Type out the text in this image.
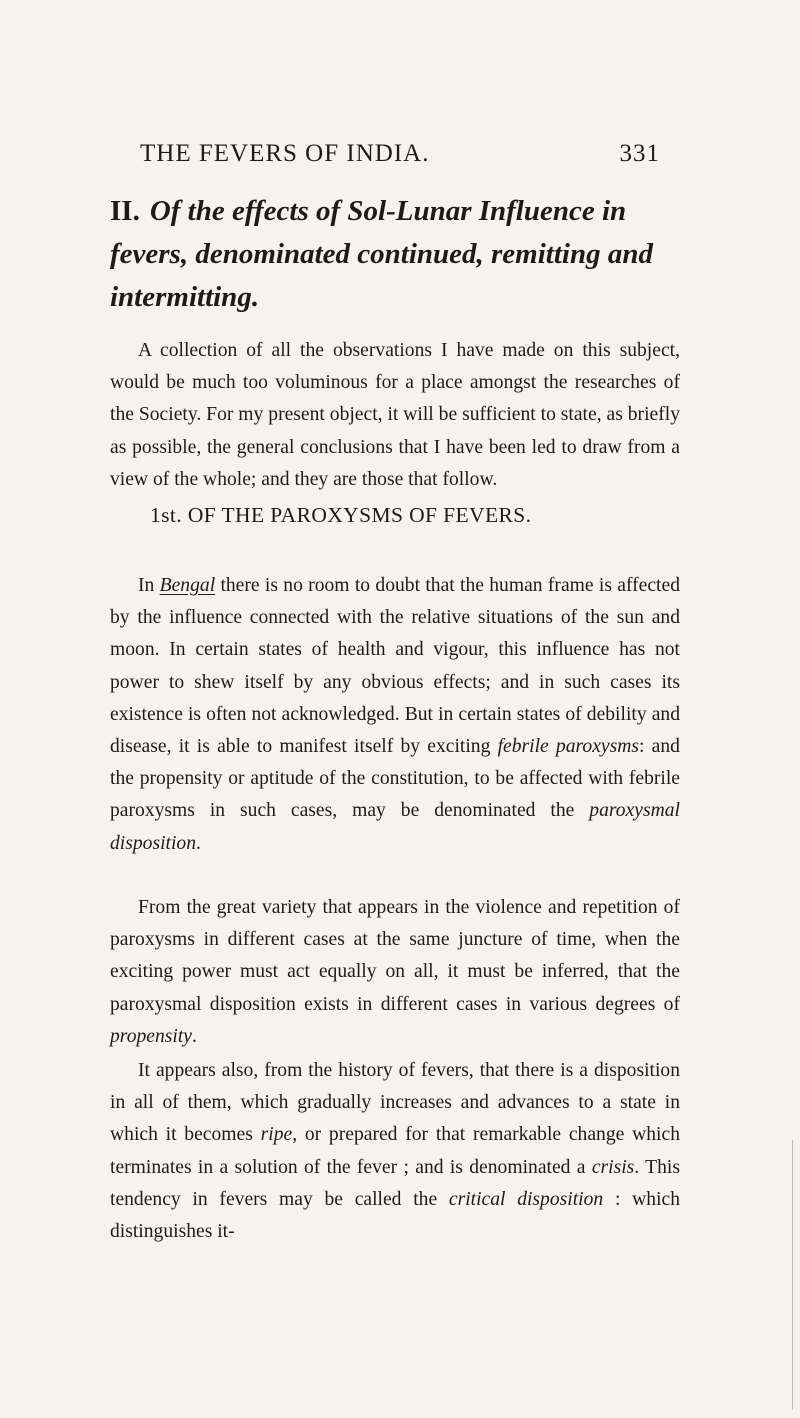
THE FEVERS OF INDIA.	331
II. Of the effects of Sol-Lunar Influence in fevers, denominated continued, remitting and intermitting.

A collection of all the observations I have made on this subject, would be much too voluminous for a place amongst the researches of the Society. For my present object, it will be sufficient to state, as briefly as possible, the general conclusions that I have been led to draw from a view of the whole; and they are those that follow.

1st. OF THE PAROXYSMS OF FEVERS.

In Bengal there is no room to doubt that the human frame is affected by the influence connected with the relative situations of the sun and moon. In certain states of health and vigour, this influence has not power to shew itself by any obvious effects; and in such cases its existence is often not acknowledged. But in certain states of debility and disease, it is able to manifest itself by exciting febrile paroxysms: and the propensity or aptitude of the constitution, to be affected with febrile paroxysms in such cases, may be denominated the paroxysmal disposition.

From the great variety that appears in the violence and repetition of paroxysms in different cases at the same juncture of time, when the exciting power must act equally on all, it must be inferred, that the paroxysmal disposition exists in different cases in various degrees of propensity.

It appears also, from the history of fevers, that there is a disposition in all of them, which gradually increases and advances to a state in which it becomes ripe, or prepared for that remarkable change which terminates in a solution of the fever ; and is denominated a crisis. This tendency in fevers may be called the critical disposition : which distinguishes it-
